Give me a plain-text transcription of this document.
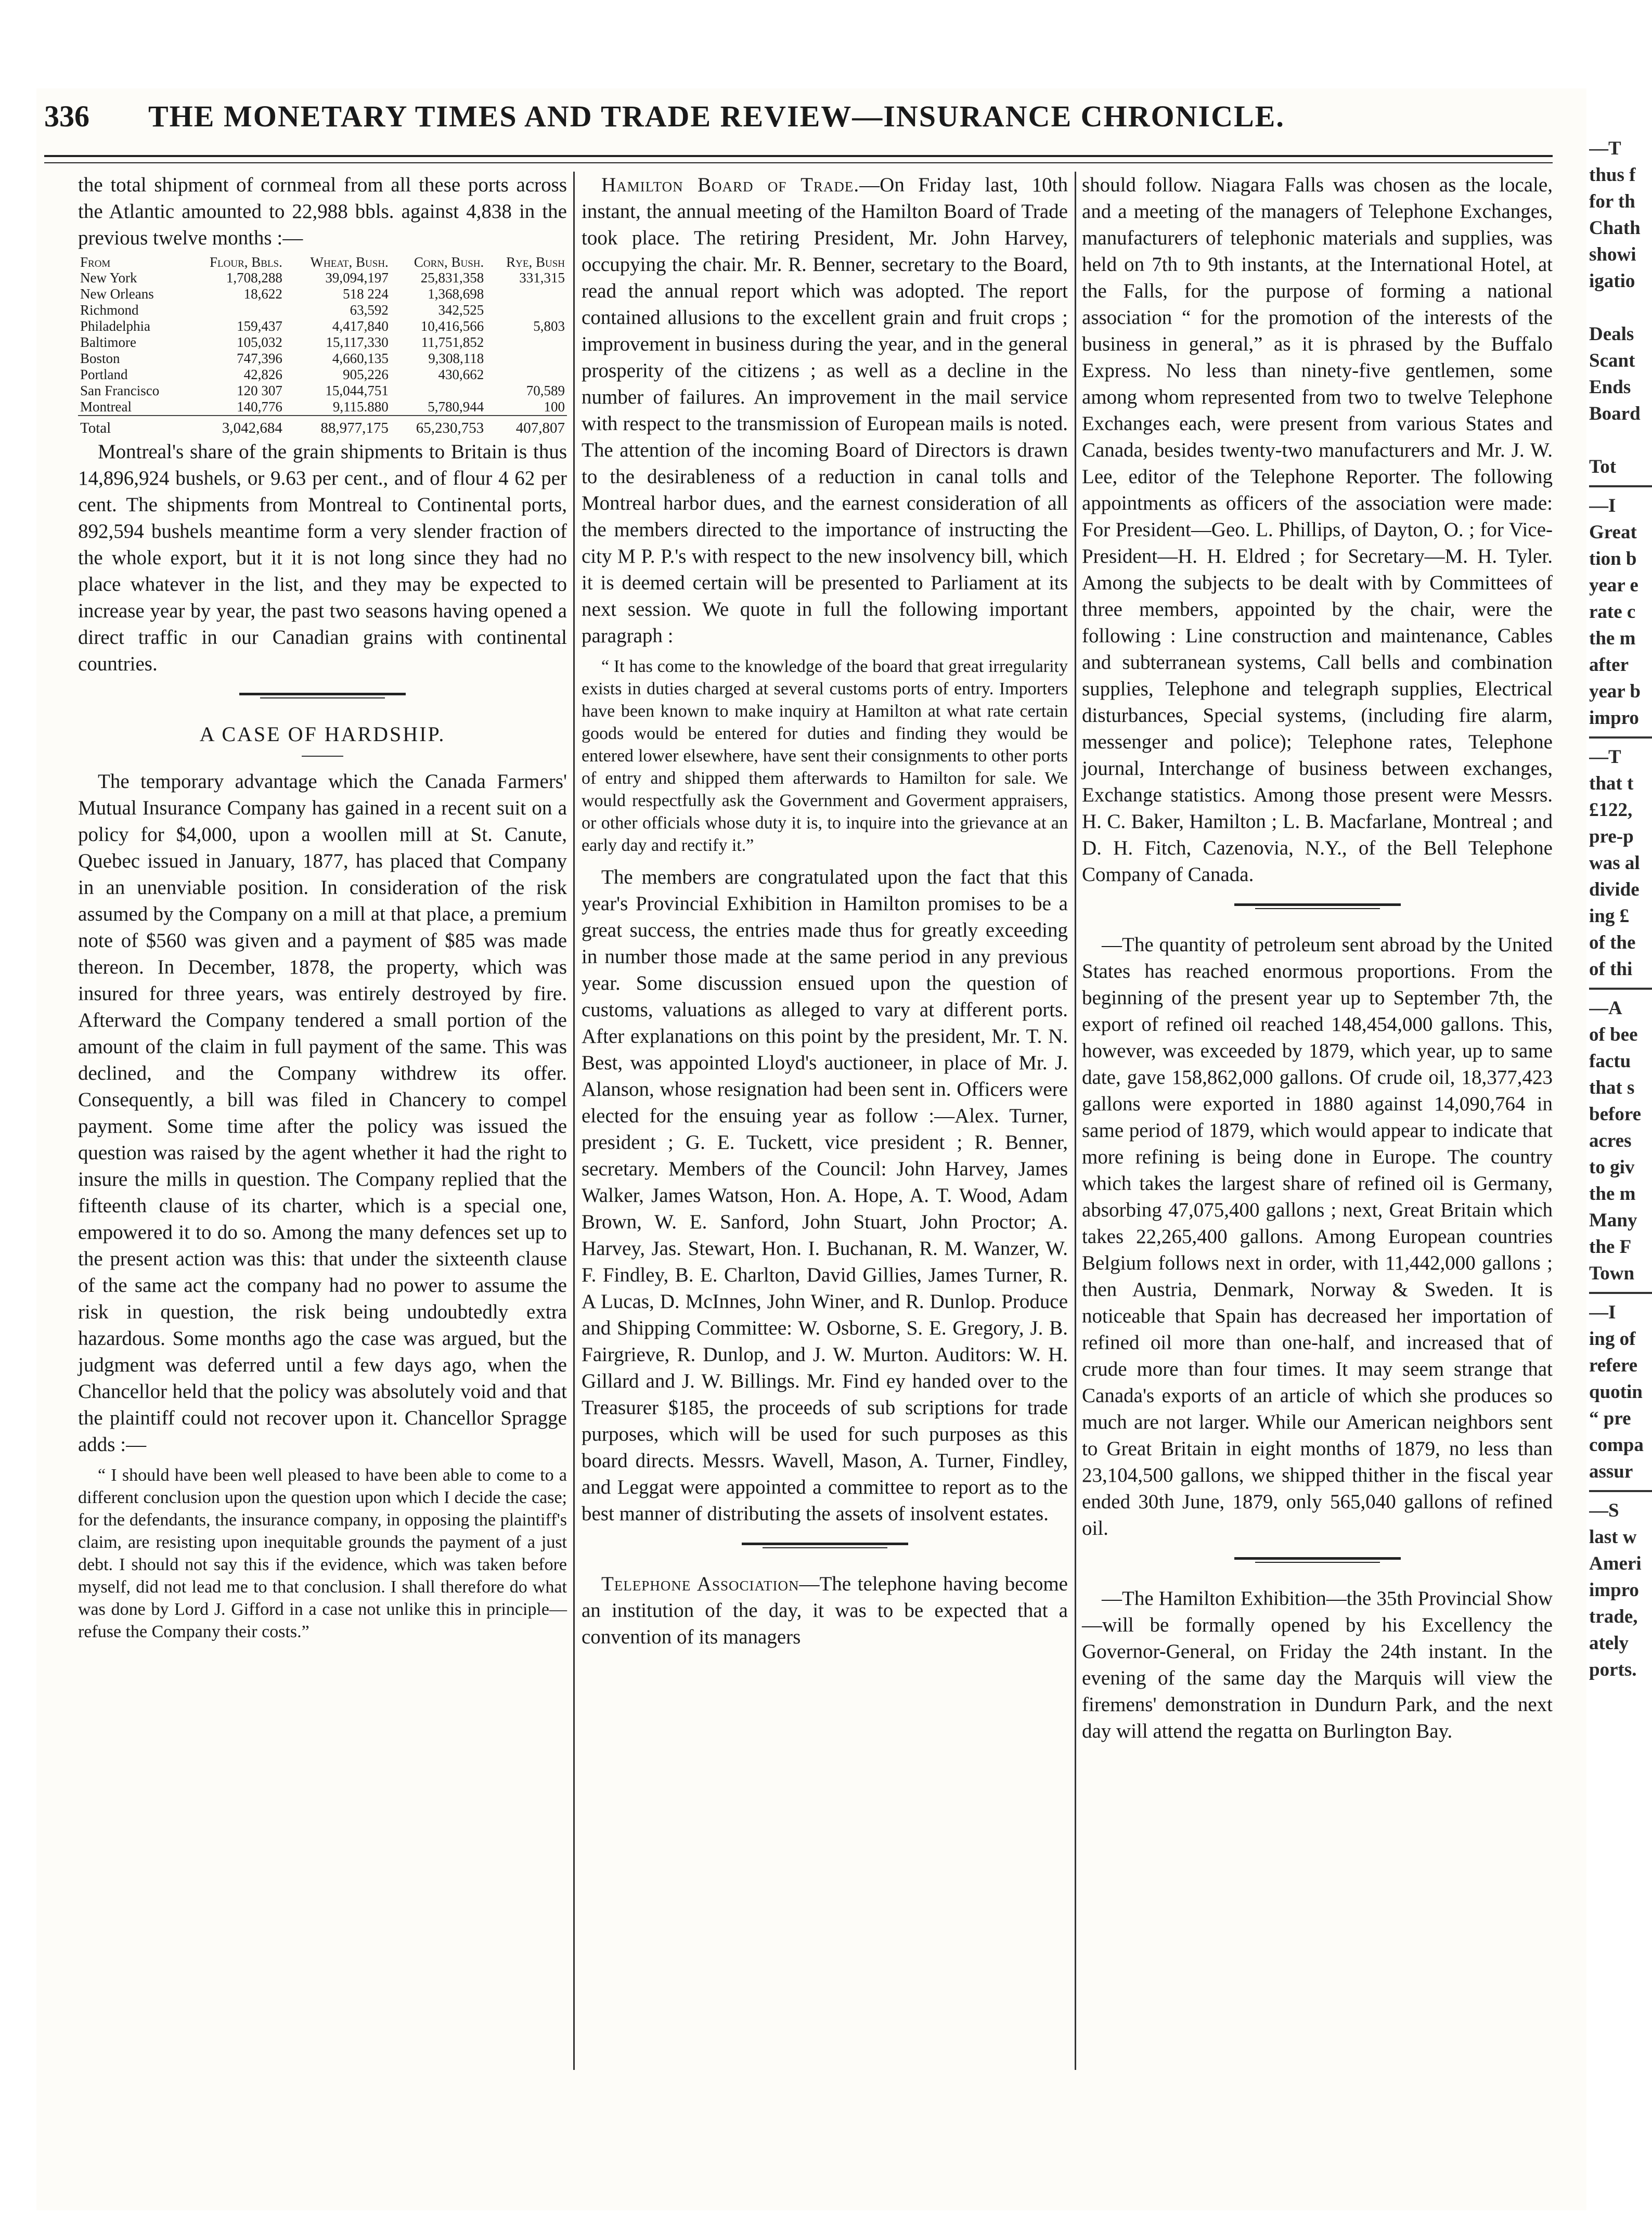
336	THE MONETARY TIMES AND TRADE REVIEW—INSURANCE CHRONICLE.

the total shipment of cornmeal from all these ports across the Atlantic amounted to 22,988 bbls. against 4,838 in the previous twelve months :—

From	Flour, Bbls.	Wheat, Bush.	Corn, Bush.	Rye, Bush
New York	1,708,288	39,094,197	25,831,358	331,315
New Orleans	18,622	518 224	1,368,698	
Richmond		63,592	342,525	
Philadelphia	159,437	4,417,840	10,416,566	5,803
Baltimore	105,032	15,117,330	11,751,852	
Boston	747,396	4,660,135	9,308,118	
Portland	42,826	905,226	430,662	
San Francisco	120 307	15,044,751		70,589
Montreal	140,776	9,115.880	5,780,944	100
Total	3,042,684	88,977,175	65,230,753	407,807

Montreal's share of the grain shipments to Britain is thus 14,896,924 bushels, or 9.63 per cent., and of flour 4 62 per cent. The shipments from Montreal to Continental ports, 892,594 bushels meantime form a very slender fraction of the whole export, but it it is not long since they had no place whatever in the list, and they may be expected to increase year by year, the past two seasons having opened a direct traffic in our Canadian grains with continental countries.

A CASE OF HARDSHIP.

The temporary advantage which the Canada Farmers' Mutual Insurance Company has gained in a recent suit on a policy for $4,000, upon a woollen mill at St. Canute, Quebec issued in January, 1877, has placed that Company in an unenviable position. In consideration of the risk assumed by the Company on a mill at that place, a premium note of $560 was given and a payment of $85 was made thereon. In December, 1878, the property, which was insured for three years, was entirely destroyed by fire. Afterward the Company tendered a small portion of the amount of the claim in full payment of the same. This was declined, and the Company withdrew its offer. Consequently, a bill was filed in Chancery to compel payment. Some time after the policy was issued the question was raised by the agent whether it had the right to insure the mills in question. The Company replied that the fifteenth clause of its charter, which is a special one, empowered it to do so. Among the many defences set up to the present action was this: that under the sixteenth clause of the same act the company had no power to assume the risk in question, the risk being undoubtedly extra hazardous. Some months ago the case was argued, but the judgment was deferred until a few days ago, when the Chancellor held that the policy was absolutely void and that the plaintiff could not recover upon it. Chancellor Spragge adds :—

“ I should have been well pleased to have been able to come to a different conclusion upon the question upon which I decide the case; for the defendants, the insurance company, in opposing the plaintiff's claim, are resisting upon inequitable grounds the payment of a just debt. I should not say this if the evidence, which was taken before myself, did not lead me to that conclusion. I shall therefore do what was done by Lord J. Gifford in a case not unlike this in principle— refuse the Company their costs.”

Hamilton Board of Trade.—On Friday last, 10th instant, the annual meeting of the Hamilton Board of Trade took place. The retiring President, Mr. John Harvey, occupying the chair. Mr. R. Benner, secretary to the Board, read the annual report which was adopted. The report contained allusions to the excellent grain and fruit crops ; improvement in business during the year, and in the general prosperity of the citizens ; as well as a decline in the number of failures. An improvement in the mail service with respect to the transmission of European mails is noted. The attention of the incoming Board of Directors is drawn to the desirableness of a reduction in canal tolls and Montreal harbor dues, and the earnest consideration of all the members directed to the importance of instructing the city M P. P.'s with respect to the new insolvency bill, which it is deemed certain will be presented to Parliament at its next session. We quote in full the following important paragraph :

“ It has come to the knowledge of the board that great irregularity exists in duties charged at several customs ports of entry. Importers have been known to make inquiry at Hamilton at what rate certain goods would be entered for duties and finding they would be entered lower elsewhere, have sent their consignments to other ports of entry and shipped them afterwards to Hamilton for sale. We would respectfully ask the Government and Goverment appraisers, or other officials whose duty it is, to inquire into the grievance at an early day and rectify it.”

The members are congratulated upon the fact that this year's Provincial Exhibition in Hamilton promises to be a great success, the entries made thus for greatly exceeding in number those made at the same period in any previous year. Some discussion ensued upon the question of customs, valuations as alleged to vary at different ports. After explanations on this point by the president, Mr. T. N. Best, was appointed Lloyd's auctioneer, in place of Mr. J. Alanson, whose resignation had been sent in. Officers were elected for the ensuing year as follow :—Alex. Turner, president ; G. E. Tuckett, vice president ; R. Benner, secretary. Members of the Council: John Harvey, James Walker, James Watson, Hon. A. Hope, A. T. Wood, Adam Brown, W. E. Sanford, John Stuart, John Proctor; A. Harvey, Jas. Stewart, Hon. I. Buchanan, R. M. Wanzer, W. F. Findley, B. E. Charlton, David Gillies, James Turner, R. A Lucas, D. McInnes, John Winer, and R. Dunlop. Produce and Shipping Committee: W. Osborne, S. E. Gregory, J. B. Fairgrieve, R. Dunlop, and J. W. Murton. Auditors: W. H. Gillard and J. W. Billings. Mr. Find ey handed over to the Treasurer $185, the proceeds of sub scriptions for trade purposes, which will be used for such purposes as this board directs. Messrs. Wavell, Mason, A. Turner, Findley, and Leggat were appointed a committee to report as to the best manner of distributing the assets of insolvent estates.

Telephone Association—The telephone having become an institution of the day, it was to be expected that a convention of its managers

should follow. Niagara Falls was chosen as the locale, and a meeting of the managers of Telephone Exchanges, manufacturers of telephonic materials and supplies, was held on 7th to 9th instants, at the International Hotel, at the Falls, for the purpose of forming a national association “ for the promotion of the interests of the business in general,” as it is phrased by the Buffalo Express. No less than ninety-five gentlemen, some among whom represented from two to twelve Telephone Exchanges each, were present from various States and Canada, besides twenty-two manufacturers and Mr. J. W. Lee, editor of the Telephone Reporter. The following appointments as officers of the association were made: For President—Geo. L. Phillips, of Dayton, O. ; for Vice-President—H. H. Eldred ; for Secretary—M. H. Tyler. Among the subjects to be dealt with by Committees of three members, appointed by the chair, were the following : Line construction and maintenance, Cables and subterranean systems, Call bells and combination supplies, Telephone and telegraph supplies, Electrical disturbances, Special systems, (including fire alarm, messenger and police); Telephone rates, Telephone journal, Interchange of business between exchanges, Exchange statistics. Among those present were Messrs. H. C. Baker, Hamilton ; L. B. Macfarlane, Montreal ; and D. H. Fitch, Cazenovia, N.Y., of the Bell Telephone Company of Canada.

—The quantity of petroleum sent abroad by the United States has reached enormous proportions. From the beginning of the present year up to September 7th, the export of refined oil reached 148,454,000 gallons. This, however, was exceeded by 1879, which year, up to same date, gave 158,862,000 gallons. Of crude oil, 18,377,423 gallons were exported in 1880 against 14,090,764 in same period of 1879, which would appear to indicate that more refining is being done in Europe. The country which takes the largest share of refined oil is Germany, absorbing 47,075,400 gallons ; next, Great Britain which takes 22,265,400 gallons. Among European countries Belgium follows next in order, with 11,442,000 gallons ; then Austria, Denmark, Norway & Sweden. It is noticeable that Spain has decreased her importation of refined oil more than one-half, and increased that of crude more than four times. It may seem strange that Canada's exports of an article of which she produces so much are not larger. While our American neighbors sent to Great Britain in eight months of 1879, no less than 23,104,500 gallons, we shipped thither in the fiscal year ended 30th June, 1879, only 565,040 gallons of refined oil.

—The Hamilton Exhibition—the 35th Provincial Show—will be formally opened by his Excellency the Governor-General, on Friday the 24th instant. In the evening of the same day the Marquis will view the firemens' demonstration in Dundurn Park, and the next day will attend the regatta on Burlington Bay.

—T
thus f
for th
Chath
showi
igatio
Deals
Scant
Ends
Board
Tot
—I
Great
tion b
year e
rate c
the m
after
year b
impro
—T
that t
£122,
pre-p
was al
divide
ing £
of the
of thi
—A
of bee
factu
that s
before
acres
to giv
the m
Many
the F
Town
—I
ing of
refere
quotin
“ pre
compa
assur
—S
last w
Ameri
impro
trade,
ately
ports.
